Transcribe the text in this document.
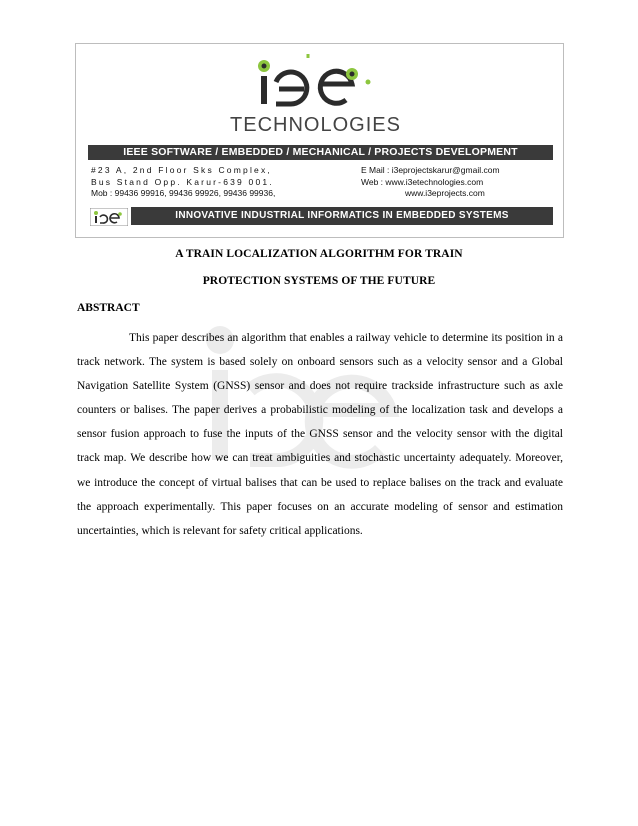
TECHNOLOGIES
IEEE SOFTWARE / EMBEDDED / MECHANICAL / PROJECTS DEVELOPMENT
#23 A, 2nd Floor Sks Complex,
Bus Stand Opp. Karur-639 001.
Mob : 99436 99916, 99436 99926, 99436 99936,
E Mail : i3eprojectskarur@gmail.com
Web : www.i3etechnologies.com
www.i3eprojects.com
INNOVATIVE INDUSTRIAL INFORMATICS IN EMBEDDED SYSTEMS
A TRAIN LOCALIZATION ALGORITHM FOR TRAIN
PROTECTION SYSTEMS OF THE FUTURE
ABSTRACT
This paper describes an algorithm that enables a railway vehicle to determine its position in a track network. The system is based solely on onboard sensors such as a velocity sensor and a Global Navigation Satellite System (GNSS) sensor and does not require trackside infrastructure such as axle counters or balises. The paper derives a probabilistic modeling of the localization task and develops a sensor fusion approach to fuse the inputs of the GNSS sensor and the velocity sensor with the digital track map. We describe how we can treat ambiguities and stochastic uncertainty adequately. Moreover, we introduce the concept of virtual balises that can be used to replace balises on the track and evaluate the approach experimentally. This paper focuses on an accurate modeling of sensor and estimation uncertainties, which is relevant for safety critical applications.
